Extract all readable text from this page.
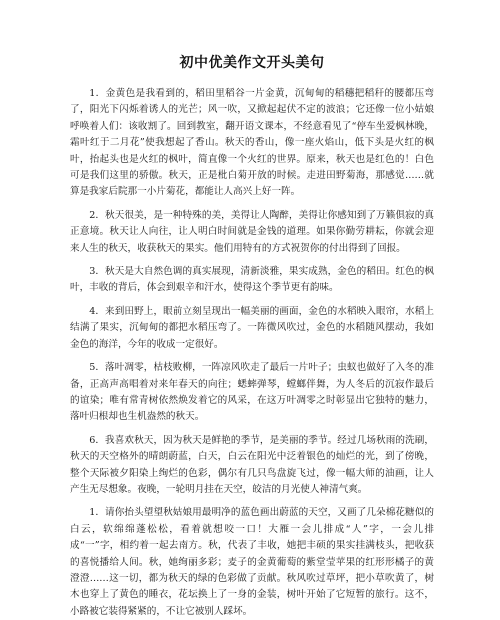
初中优美作文开头美句

1．金黄色是我看到的，稻田里稻谷一片金黄，沉甸甸的稻穗把稻秆的腰都压弯了，阳光下闪烁着诱人的光芒；风一吹，又掀起起伏不定的波浪；它还像一位小姑娘呼唤着人们：该收割了。回到教室，翻开语文课本，不经意看见了“停车坐爱枫林晚，霜叶红于二月花”使我想起了香山。秋天的香山，像一座火焰山，低下头是火红的枫叶，抬起头也是火红的枫叶，简直像一个火红的世界。原来，秋天也是红色的！白色可是我们这里的骄傲。秋天，正是枇白菊开放的时候。走进田野菊海，那感觉……就算是我家后院那一小片菊花，都能让人高兴上好一阵。

2．秋天很美，是一种特殊的美，美得让人陶醉，美得让你感知到了万籁俱寂的真正意境。秋天让人向往，让人明白时间就是金钱的道理。如果你勤劳耕耘，你就会迎来人生的秋天，收获秋天的果实。他们用特有的方式祝贺你的付出得到了回报。

3．秋天是大自然色调的真实展现，清新淡雅，果实成熟，金色的稻田。红色的枫叶，丰收的背后，体会到艰辛和汗水，使得这个季节更有韵味。

4．来到田野上，眼前立刻呈现出一幅美丽的画面，金色的水稻映入眼帘，水稻上结满了果实，沉甸甸的都把水稻压弯了。一阵微风吹过，金色的水稻随风摆动，我如金色的海洋，今年的收成一定很好。

5．落叶凋零，枯枝败柳，一阵凉风吹走了最后一片叶子；虫蚁也做好了入冬的准备，正高声高唱着对来年春天的向往；蟋蟀弹琴，螳螂伴舞，为人冬后的沉寂作最后的谊染；唯有常青树依然焕发着它的风采，在这万叶凋零之时彰显出它独特的魅力，落叶归根却也生机盎然的秋天。

6．我喜欢秋天，因为秋天是鲜艳的季节，是美丽的季节。经过几场秋雨的洗刷，秋天的天空格外的晴朗蔚蓝，白天，白云在阳光中泛着银色的灿烂的光，到了傍晚，整个天际被夕阳染上绚烂的色彩，偶尔有几只鸟盘旋飞过，像一幅大师的油画，让人产生无尽想象。夜晚，一轮明月挂在天空，皎洁的月光使人神清气爽。

1．请你抬头望望秋姑娘用最明净的蓝色画出蔚蓝的天空，又画了几朵棉花糖似的白云，软绵绵蓬松松，看着就想咬一口！大雁一会儿排成“人”字，一会儿排成“一”字，相约着一起去南方。秋，代表了丰收，她把丰硕的果实挂满枝头，把收获的喜悦播给人间。秋，她绚丽多彩；麦子的金黄葡萄的紫堂莹苹果的红形形橘子的黄澄澄……这一切，都为秋天的绿的色彩做了贡献。秋风吹过草坪，把小草吹黄了，树木也穿上了黄色的睡衣，花坛换上了一身的金装，树叶开始了它短暂的旅行。这不，小路被它装得紧紧的，不让它被别人踩坏。
